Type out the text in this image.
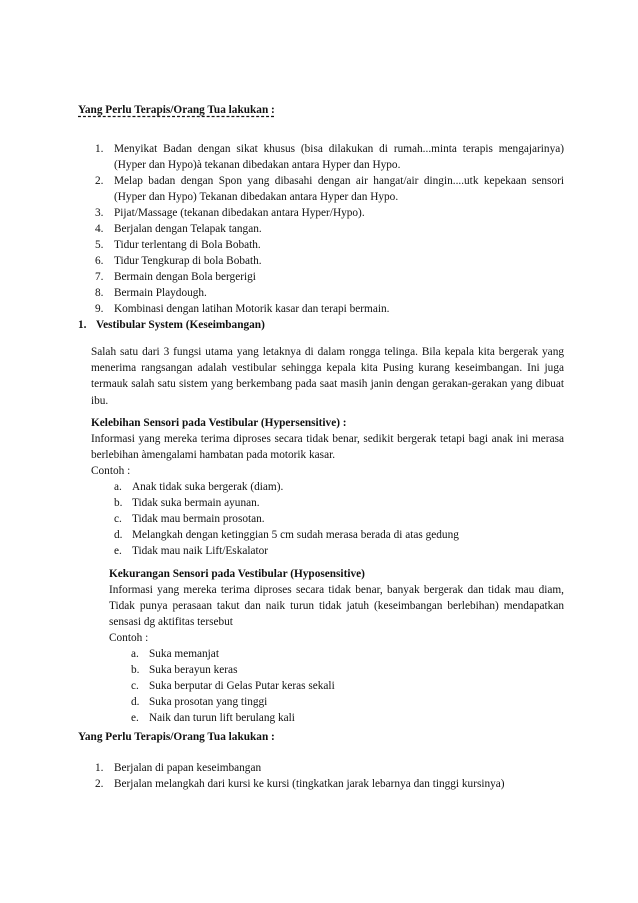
Yang Perlu Terapis/Orang Tua lakukan :
1. Menyikat Badan dengan sikat khusus (bisa dilakukan di rumah...minta terapis mengajarinya) (Hyper dan Hypo)à tekanan dibedakan antara Hyper dan Hypo.
2. Melap badan dengan Spon yang dibasahi dengan air hangat/air dingin....utk kepekaan sensori (Hyper dan Hypo) Tekanan dibedakan antara Hyper dan Hypo.
3. Pijat/Massage (tekanan dibedakan antara Hyper/Hypo).
4. Berjalan dengan Telapak tangan.
5. Tidur terlentang di Bola Bobath.
6. Tidur Tengkurap di bola Bobath.
7. Bermain dengan Bola bergerigi
8. Bermain Playdough.
9. Kombinasi dengan latihan Motorik kasar dan terapi bermain.
1. Vestibular System (Keseimbangan)
Salah satu dari 3 fungsi utama yang letaknya di dalam rongga telinga. Bila kepala kita bergerak yang menerima rangsangan adalah vestibular sehingga kepala kita Pusing kurang keseimbangan. Ini juga termauk salah satu sistem yang berkembang pada saat masih janin dengan gerakan-gerakan yang dibuat ibu.
Kelebihan Sensori pada Vestibular (Hypersensitive) :
Informasi yang mereka terima diproses secara tidak benar, sedikit bergerak tetapi bagi anak ini merasa berlebihan àmengalami hambatan pada motorik kasar.
Contoh :
a. Anak tidak suka bergerak (diam).
b. Tidak suka bermain ayunan.
c. Tidak mau bermain prosotan.
d. Melangkah dengan ketinggian 5 cm sudah merasa berada di atas gedung
e. Tidak mau naik Lift/Eskalator
Kekurangan Sensori pada Vestibular (Hyposensitive)
Informasi yang mereka terima diproses secara tidak benar, banyak bergerak dan tidak mau diam, Tidak punya perasaan takut dan naik turun tidak jatuh (keseimbangan berlebihan) mendapatkan sensasi dg aktifitas tersebut
Contoh :
a. Suka memanjat
b. Suka berayun keras
c. Suka berputar di Gelas Putar keras sekali
d. Suka prosotan yang tinggi
e. Naik dan turun lift berulang kali
Yang Perlu Terapis/Orang Tua lakukan :
1. Berjalan di papan keseimbangan
2. Berjalan melangkah dari kursi ke kursi (tingkatkan jarak lebarnya dan tinggi kursinya)
